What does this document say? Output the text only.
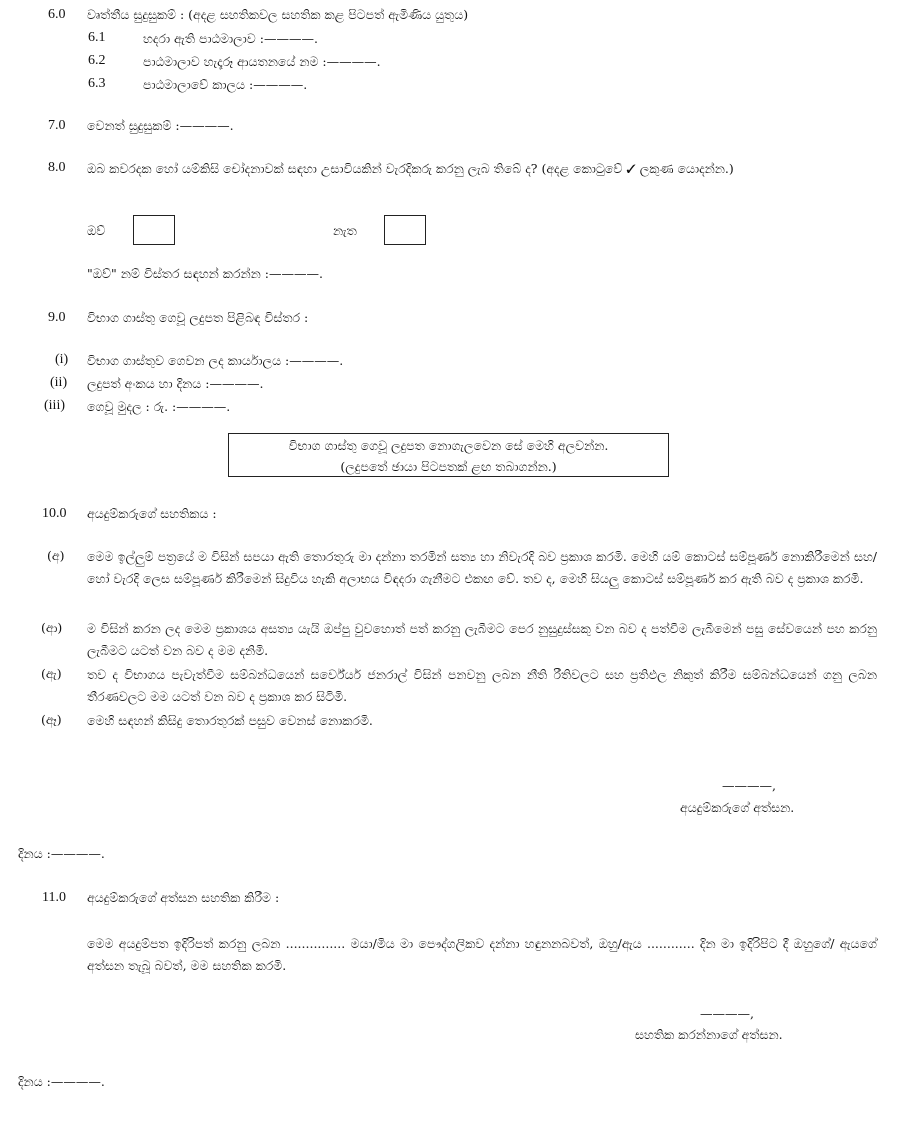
6.0 වෘත්තීය සුදුසුකම් : (අදළ සහතිකවල සහතික කළ පිටපත් ඇමිණිය යුතුය)
6.1	හදරා ඇති පාඨමාලාව :————.
6.2	පාඨමාලාව හැදෑරූ ආයතනයේ නම :————.
6.3	පාඨමාලාවේ කාලය :————.
7.0 වෙනත් සුදුසුකම් :————.
8.0 ඔබ කවරදක හෝ යම්කිසි චෝදනාවක් සඳහා උසාවියකින් වැරදිකරු කරනු ලැබ තිබේ ද? (අදළ කොටුවේ ✓ ලකුණ යොදන්න.)
ඔව්	නැත
"ඔව්" නම් විස්තර සඳහන් කරන්න :————.
9.0 විභාග ගාස්තු ගෙවූ ලදුපත පිළිබඳ විස්තර :
(i) විභාග ගාස්තුව ගෙවන ලද කාර්යාලය :————.
(ii) ලදුපත් අංකය හා දිනය :————.
(iii) ගෙවූ මුදල : රු. :————.
විභාග ගාස්තු ගෙවූ ලදුපත නොගැලවෙන සේ මෙහි අලවන්න.
(ලදුපතේ ඡායා පිටපතක් ළඟ තබාගන්න.)
10.0 අයදුම්කරුගේ සහතිකය :
(අ) මෙම ඉල්ලුම් පත්‍රයේ ම විසින් සපයා ඇති තොරතුරු මා දන්නා තරමින් සත්‍ය හා නිවැරදි බව ප්‍රකාශ කරමි. මෙහි යම් කොටස් සම්පූර්ණ නොකිරීමෙන් සහ/හෝ වැරදි ලෙස සම්පූර්ණ කිරීමෙන් සිදුවිය හැකි අලාභය විඳදරා ගැනීමට එකඟ වේ. තව ද, මෙහි සියලු කොටස් සම්පූර්ණ කර ඇති බව ද ප්‍රකාශ කරමි.
(ආ) ම විසින් කරන ලද මෙම ප්‍රකාශය අසත්‍ය යැයි ඔප්පු වුවහොත් පත් කරනු ලැබීමට පෙර නුසුදුස්සකු වන බව ද පත්වීම ලැබීමෙන් පසු සේවයෙන් පහ කරනු ලැබීමට යටත් වන බව ද මම දනිමි.
(ඇ) තව ද විභාගය පැවැත්වීම සම්බන්ධයෙන් සර්වේයර් ජනරාල් විසින් පනවනු ලබන නීති රීතිවලට සහ ප්‍රතිඵල නිකුත් කිරීම සම්බන්ධයෙන් ගනු ලබන තීරණවලට මම යටත් වන බව ද ප්‍රකාශ කර සිටිමි.
(ඈ) මෙහි සඳහන් කිසිදු තොරතුරක් පසුව වෙනස් නොකරමි.
————,
අයදුම්කරුගේ අත්සන.
දිනය :————.
11.0 අයදුම්කරුගේ අත්සන සහතික කිරීම :
මෙම අයදුම්පත ඉදිරිපත් කරනු ලබන ............... මයා/මිය මා පෞද්ගලිකව දන්නා හඳුනනබවත්, ඔහු/ඇය ............ දින මා ඉදිරිපිට දී ඔහුගේ/ ඇයගේ අත්සන තැබූ බවත්, මම සහතික කරමි.
————,
සහතික කරන්නාගේ අත්සන.
දිනය :————.
